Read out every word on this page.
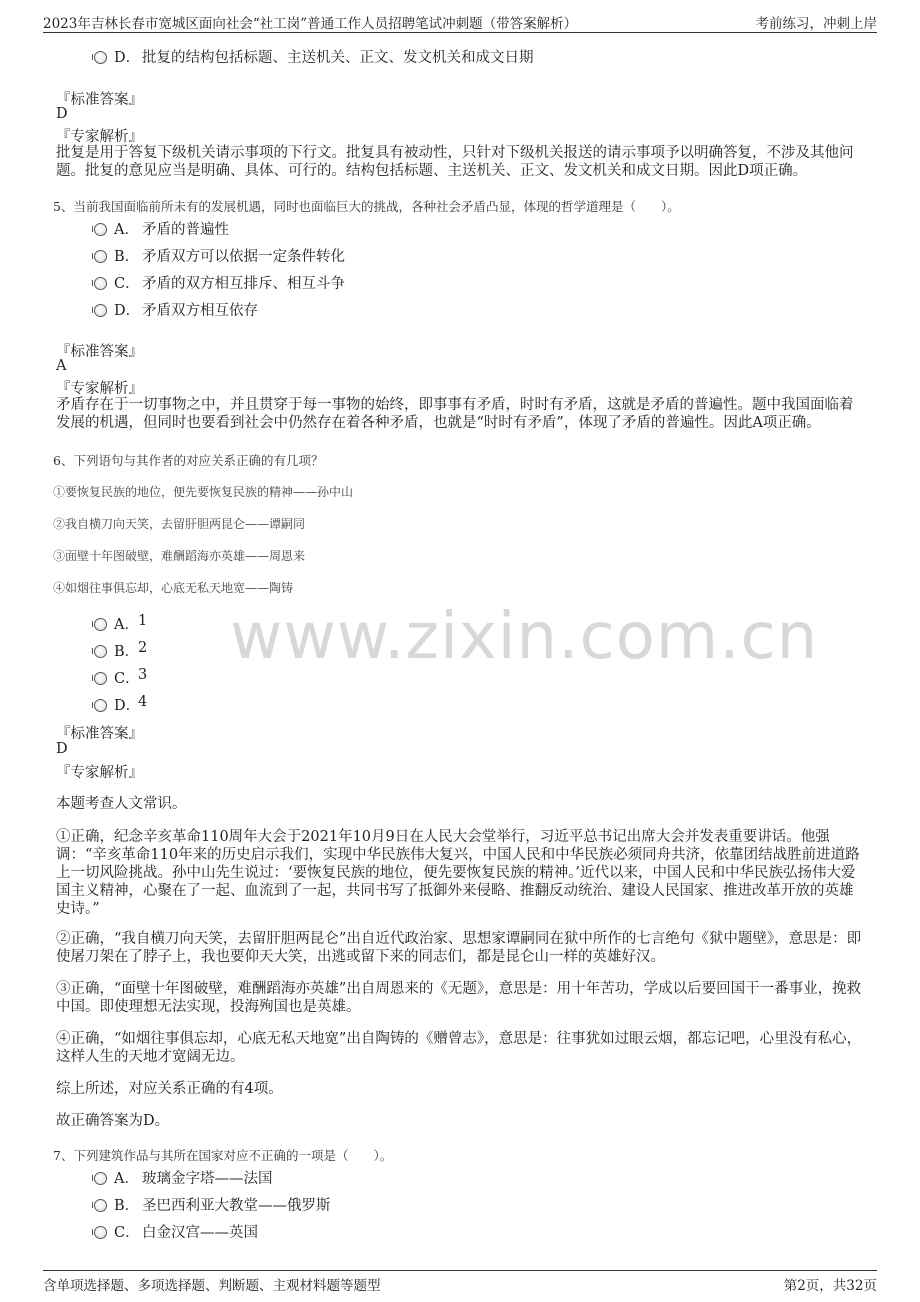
2023年吉林长春市宽城区面向社会“社工岗”普通工作人员招聘笔试冲刺题（带答案解析）	考前练习，冲刺上岸
www.zixin.com.cn
D． 批复的结构包括标题、主送机关、正文、发文机关和成文日期
『标准答案』
D
『专家解析』
批复是用于答复下级机关请示事项的下行文。批复具有被动性，只针对下级机关报送的请示事项予以明确答复，不涉及其他问题。批复的意见应当是明确、具体、可行的。结构包括标题、主送机关、正文、发文机关和成文日期。因此D项正确。
5、当前我国面临前所未有的发展机遇，同时也面临巨大的挑战，各种社会矛盾凸显，体现的哲学道理是（　　）。
A． 矛盾的普遍性
B． 矛盾双方可以依据一定条件转化
C． 矛盾的双方相互排斥、相互斗争
D． 矛盾双方相互依存
『标准答案』
A
『专家解析』
矛盾存在于一切事物之中，并且贯穿于每一事物的始终，即事事有矛盾，时时有矛盾，这就是矛盾的普遍性。题中我国面临着发展的机遇，但同时也要看到社会中仍然存在着各种矛盾，也就是“时时有矛盾”，体现了矛盾的普遍性。因此A项正确。
6、下列语句与其作者的对应关系正确的有几项？
①要恢复民族的地位，便先要恢复民族的精神——孙中山
②我自横刀向天笑，去留肝胆两昆仑——谭嗣同
③面壁十年图破壁，难酬蹈海亦英雄——周恩来
④如烟往事俱忘却，心底无私天地宽——陶铸
A． 1
B．
2
C．
3
D．
4
『标准答案』
D
『专家解析』
本题考查人文常识。
①正确，纪念辛亥革命110周年大会于2021年10月9日在人民大会堂举行，习近平总书记出席大会并发表重要讲话。他强调：“辛亥革命110年来的历史启示我们，实现中华民族伟大复兴，中国人民和中华民族必须同舟共济，依靠团结战胜前进道路上一切风险挑战。孙中山先生说过：‘要恢复民族的地位，便先要恢复民族的精神。’近代以来，中国人民和中华民族弘扬伟大爱国主义精神，心聚在了一起、血流到了一起，共同书写了抵御外来侵略、推翻反动统治、建设人民国家、推进改革开放的英雄史诗。”
②正确，“我自横刀向天笑，去留肝胆两昆仑”出自近代政治家、思想家谭嗣同在狱中所作的七言绝句《狱中题壁》，意思是：即使屠刀架在了脖子上，我也要仰天大笑，出逃或留下来的同志们，都是昆仑山一样的英雄好汉。
③正确，“面壁十年图破壁，难酬蹈海亦英雄”出自周恩来的《无题》，意思是：用十年苦功，学成以后要回国干一番事业，挽救中国。即使理想无法实现，投海殉国也是英雄。
④正确，“如烟往事俱忘却，心底无私天地宽”出自陶铸的《赠曾志》，意思是：往事犹如过眼云烟，都忘记吧，心里没有私心，这样人生的天地才宽阔无边。
综上所述，对应关系正确的有4项。
故正确答案为D。
7、下列建筑作品与其所在国家对应不正确的一项是（　　）。
A． 玻璃金字塔——法国
B． 圣巴西利亚大教堂——俄罗斯
C． 白金汉宫——英国
含单项选择题、多项选择题、判断题、主观材料题等题型	第2页，共32页
